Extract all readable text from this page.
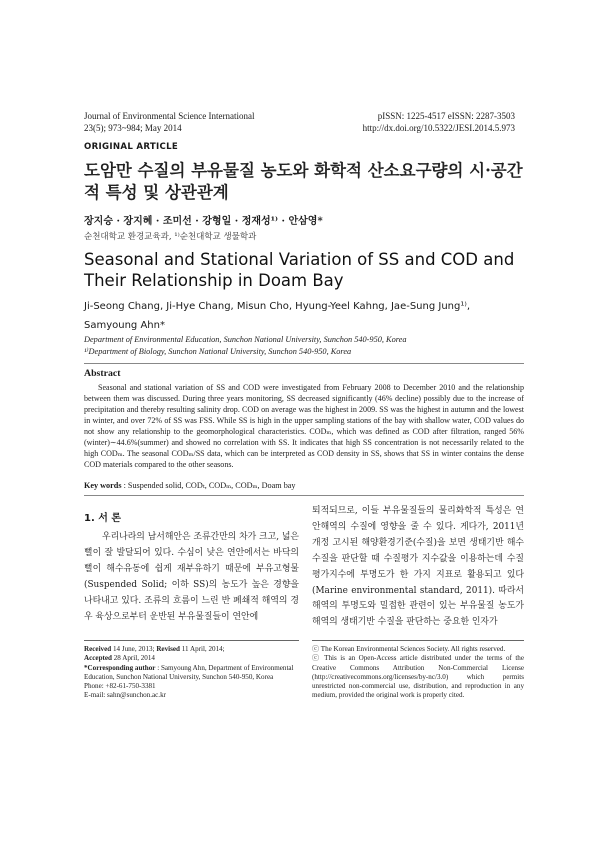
Journal of Environmental Science International
23(5); 973~984; May 2014
pISSN: 1225-4517 eISSN: 2287-3503
http://dx.doi.org/10.5322/JESI.2014.5.973
ORIGINAL ARTICLE
도암만 수질의 부유물질 농도와 화학적 산소요구량의 시·공간적 특성 및 상관관계
장지승 · 장지혜 · 조미선 · 강형일 · 정재성¹⁾ · 안삼영*
순천대학교 환경교육과, ¹⁾순천대학교 생물학과
Seasonal and Stational Variation of SS and COD and Their Relationship in Doam Bay
Ji-Seong Chang, Ji-Hye Chang, Misun Cho, Hyung-Yeel Kahng, Jae-Sung Jung¹⁾,
Samyoung Ahn*
Department of Environmental Education, Sunchon National University, Sunchon 540-950, Korea
¹⁾Department of Biology, Sunchon National University, Sunchon 540-950, Korea
Abstract
Seasonal and stational variation of SS and COD were investigated from February 2008 to December 2010 and the relationship between them was discussed. During three years monitoring, SS decreased significantly (46% decline) possibly due to the increase of precipitation and thereby resulting salinity drop. COD on average was the highest in 2009. SS was the highest in autumn and the lowest in winter, and over 72% of SS was FSS. While SS is high in the upper sampling stations of the bay with shallow water, COD values do not show any relationship to the geomorphological characteristics. CODₘ, which was defined as COD after filtration, ranged 56%(winter)∼44.6%(summer) and showed no correlation with SS. It indicates that high SS concentration is not necessarily related to the high CODₘ. The seasonal CODₘ/SS data, which can be interpreted as COD density in SS, shows that SS in winter contains the dense COD materials compared to the other seasons.
Key words : Suspended solid, CODₜ, CODₘ, CODₘ, Doam bay
1. 서 론
우리나라의 남서해안은 조류간만의 차가 크고, 넓은 뻘이 잘 발달되어 있다. 수심이 낮은 연안에서는 바닥의 뻘이 해수유동에 쉽게 재부유하기 때문에 부유고형물(Suspended Solid; 이하 SS)의 농도가 높은 경향을 나타내고 있다. 조류의 흐름이 느린 반 폐쇄적 해역의 경우 육상으로부터 운반된 부유물질들이 연안에
퇴적되므로, 이들 부유물질들의 물리화학적 특성은 연안해역의 수질에 영향을 줄 수 있다. 게다가, 2011년 개정 고시된 해양환경기준(수질)을 보면 생태기반 해수수질을 판단할 때 수질평가 지수값을 이용하는데 수질평가지수에 투명도가 한 가지 지표로 활용되고 있다 (Marine environmental standard, 2011). 따라서 해역의 투명도와 밀접한 관련이 있는 부유물질 농도가 해역의 생태기반 수질을 판단하는 중요한 인자가
Received 14 June, 2013; Revised 11 April, 2014;
Accepted 28 April, 2014
*Corresponding author : Samyoung Ahn, Department of Environmental Education, Sunchon National University, Sunchon 540-950, Korea
Phone: +82-61-750-3381
E-mail: sahn@sunchon.ac.kr
ⓒ The Korean Environmental Sciences Society. All rights reserved.
ⓒ This is an Open-Access article distributed under the terms of the Creative Commons Attribution Non-Commercial License (http://creativecommons.org/licenses/by-nc/3.0) which permits unrestricted non-commercial use, distribution, and reproduction in any medium, provided the original work is properly cited.
